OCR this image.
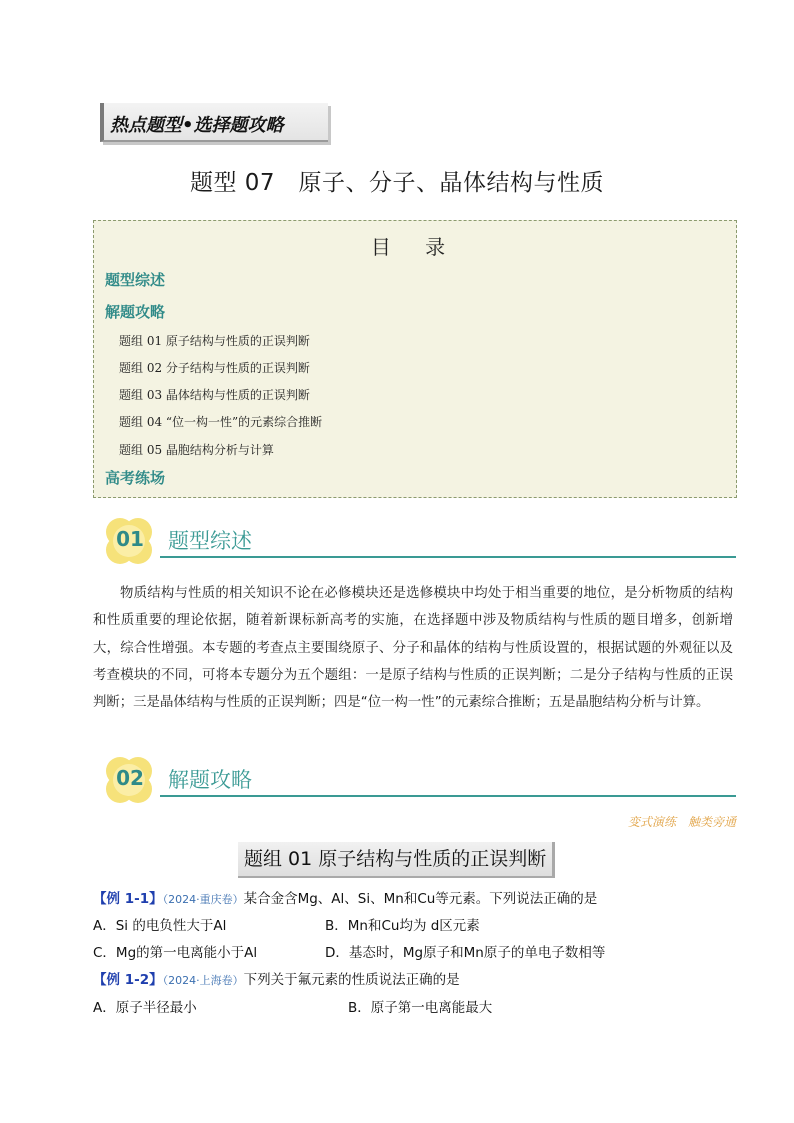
热点题型•选择题攻略
题型 07　原子、分子、晶体结构与性质
目 录
题型综述
解题攻略
题组 01 原子结构与性质的正误判断
题组 02 分子结构与性质的正误判断
题组 03 晶体结构与性质的正误判断
题组 04 “位一构一性”的元素综合推断
题组 05 晶胞结构分析与计算
高考练场
01	题型综述
物质结构与性质的相关知识不论在必修模块还是选修模块中均处于相当重要的地位，是分析物质的结构和性质重要的理论依据，随着新课标新高考的实施，在选择题中涉及物质结构与性质的题目增多，创新增大，综合性增强。本专题的考查点主要围绕原子、分子和晶体的结构与性质设置的，根据试题的外观征以及考查模块的不同，可将本专题分为五个题组：一是原子结构与性质的正误判断；二是分子结构与性质的正误判断；三是晶体结构与性质的正误判断；四是“位一构一性”的元素综合推断；五是晶胞结构分析与计算。
02	解题攻略
变式演练　触类旁通
题组 01 原子结构与性质的正误判断
【例 1-1】（2024·重庆卷）某合金含Mg、Al、Si、Mn和Cu等元素。下列说法正确的是
A．Si 的电负性大于Al	B．Mn和Cu均为 d区元素
C．Mg的第一电离能小于Al	D．基态时，Mg原子和Mn原子的单电子数相等
【例 1-2】（2024·上海卷）下列关于氟元素的性质说法正确的是
A．原子半径最小	B．原子第一电离能最大
